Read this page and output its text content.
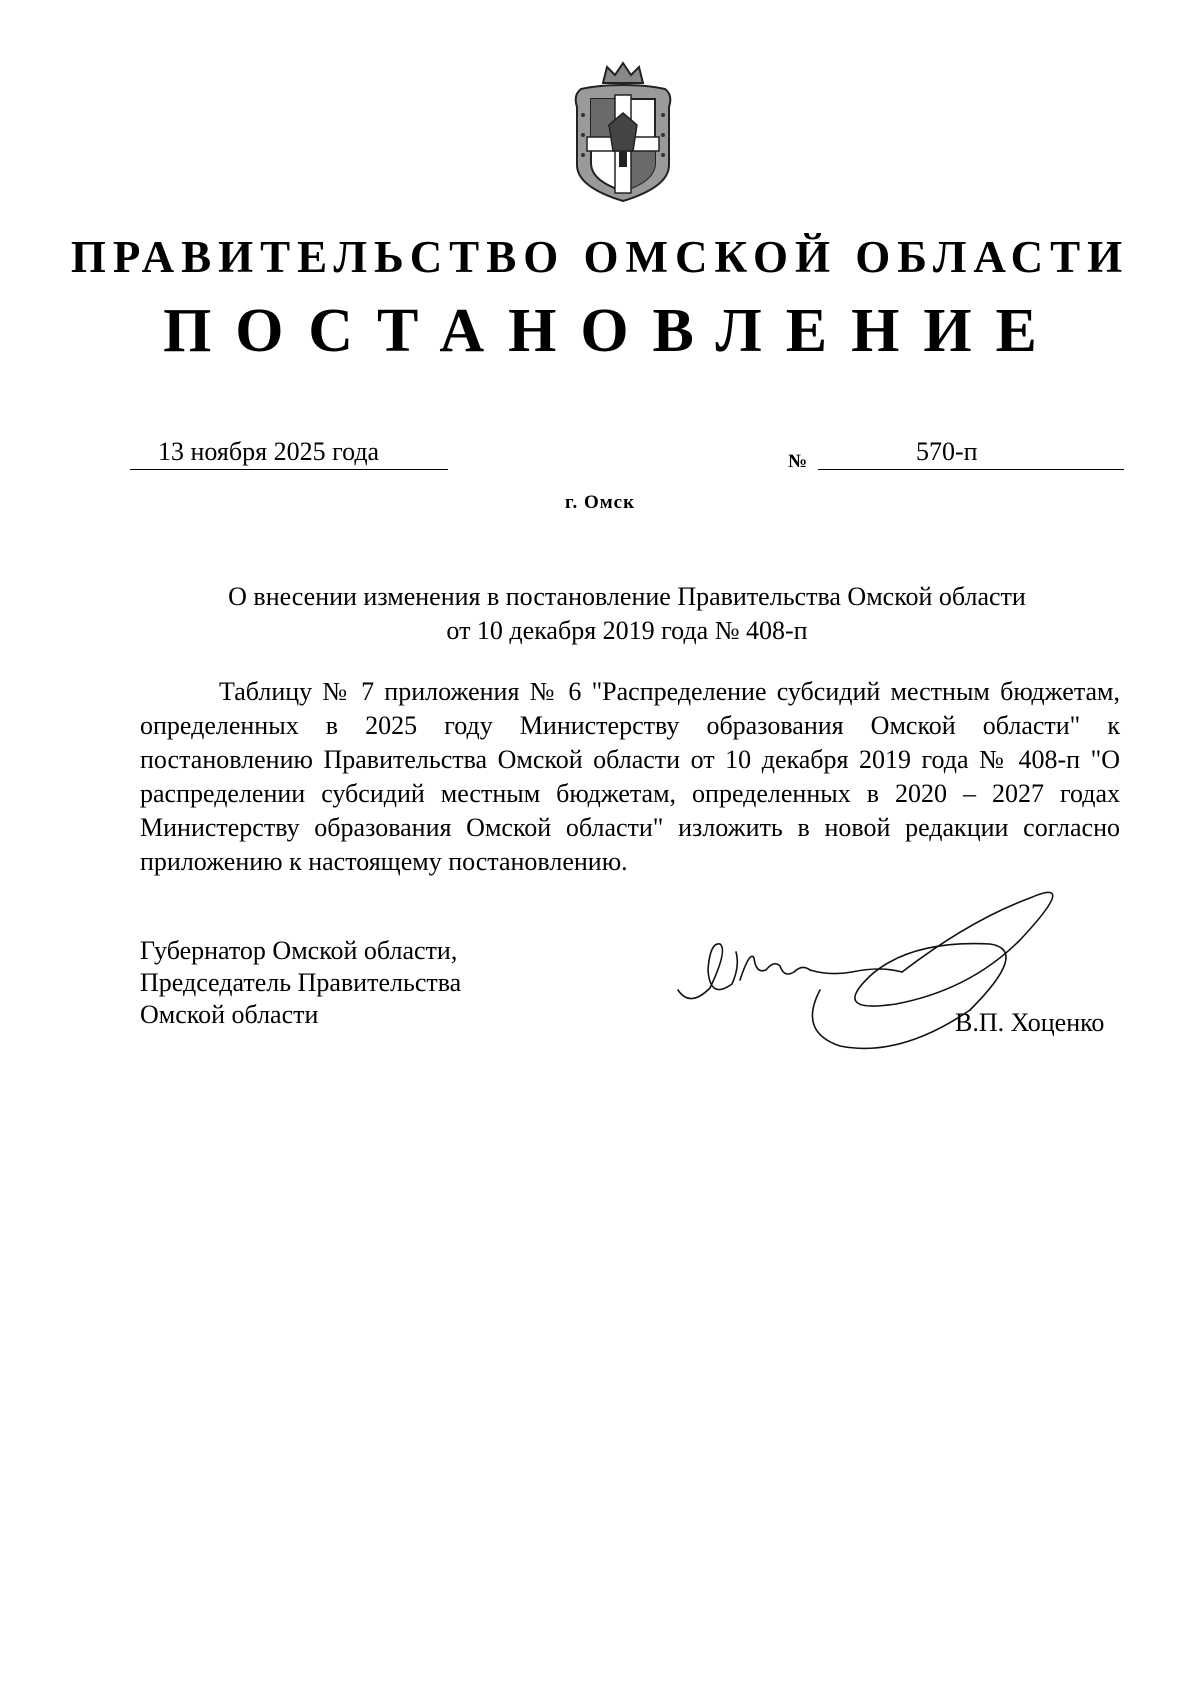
ПРАВИТЕЛЬСТВО ОМСКОЙ ОБЛАСТИ
ПОСТАНОВЛЕНИЕ
13 ноября 2025 года	№	570-п
г. Омск
О внесении изменения в постановление Правительства Омской области
от 10 декабря 2019 года № 408-п
Таблицу № 7 приложения № 6 "Распределение субсидий местным бюджетам, определенных в 2025 году Министерству образования Омской области" к постановлению Правительства Омской области от 10 декабря 2019 года № 408-п "О распределении субсидий местным бюджетам, определенных в 2020 – 2027 годах Министерству образования Омской области" изложить в новой редакции согласно приложению к настоящему постановлению.
Губернатор Омской области,
Председатель Правительства
Омской области	В.П. Хоценко
